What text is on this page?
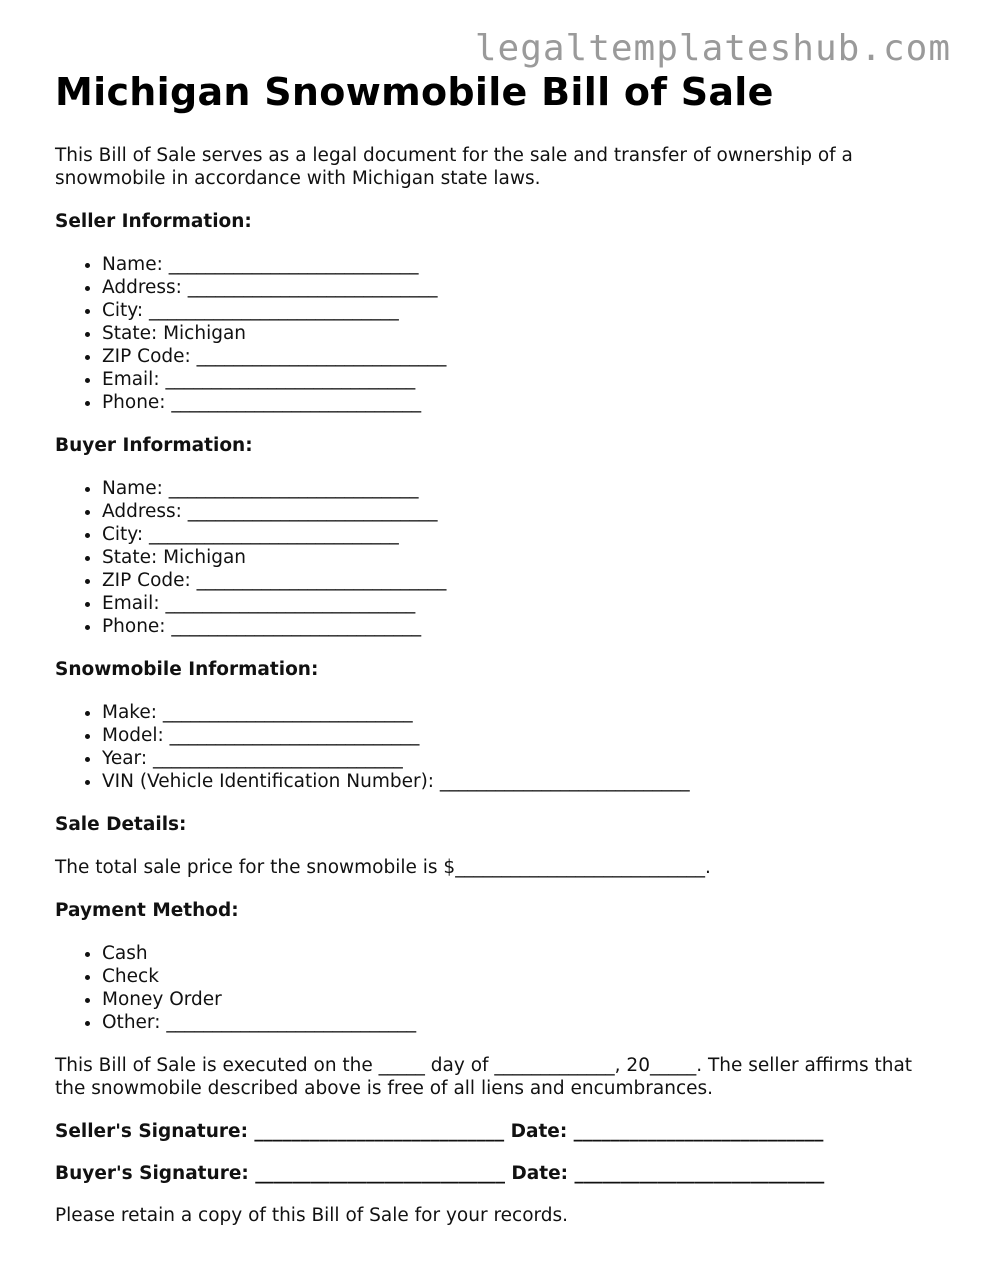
legaltemplateshub.com
Michigan Snowmobile Bill of Sale

This Bill of Sale serves as a legal document for the sale and transfer of ownership of a snowmobile in accordance with Michigan state laws.

Seller Information:
• Name: ___________________________
• Address: ___________________________
• City: ___________________________
• State: Michigan
• ZIP Code: ___________________________
• Email: ___________________________
• Phone: ___________________________
Buyer Information:
• Name: ___________________________
• Address: ___________________________
• City: ___________________________
• State: Michigan
• ZIP Code: ___________________________
• Email: ___________________________
• Phone: ___________________________
Snowmobile Information:
• Make: ___________________________
• Model: ___________________________
• Year: ___________________________
• VIN (Vehicle Identification Number): ___________________________
Sale Details:

The total sale price for the snowmobile is $___________________________.

Payment Method:
• Cash
• Check
• Money Order
• Other: ___________________________

This Bill of Sale is executed on the _____ day of _____________, 20_____. The seller affirms that the snowmobile described above is free of all liens and encumbrances.

Seller's Signature: ___________________________ Date: ___________________________
Buyer's Signature: ___________________________ Date: ___________________________

Please retain a copy of this Bill of Sale for your records.
